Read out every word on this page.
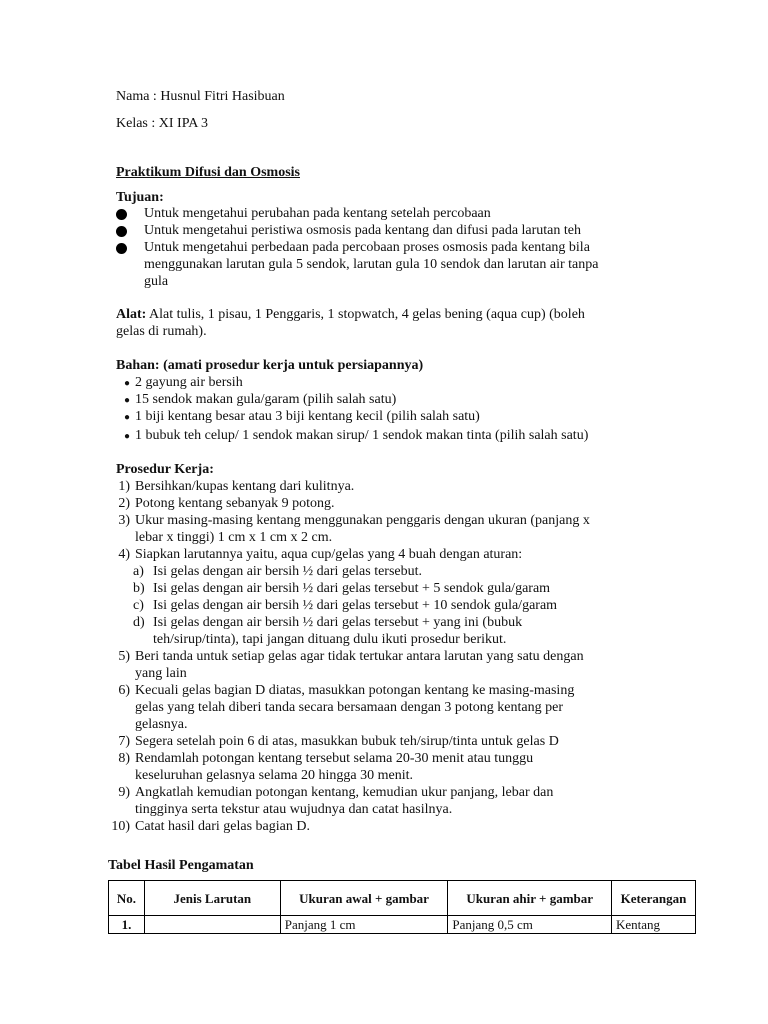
Nama : Husnul Fitri Hasibuan
Kelas : XI IPA 3
Praktikum Difusi dan Osmosis
Tujuan:
Untuk mengetahui perubahan pada kentang setelah percobaan
Untuk mengetahui peristiwa osmosis pada kentang dan difusi pada larutan teh
Untuk mengetahui perbedaan pada percobaan proses osmosis pada kentang bila
menggunakan larutan gula 5 sendok, larutan gula 10 sendok dan larutan air tanpa
gula
Alat: Alat tulis, 1 pisau, 1 Penggaris, 1 stopwatch, 4 gelas bening (aqua cup) (boleh
gelas di rumah).
Bahan: (amati prosedur kerja untuk persiapannya)
● 2 gayung air bersih
● 15 sendok makan gula/garam (pilih salah satu)
● 1 biji kentang besar atau 3 biji kentang kecil (pilih salah satu)
● 1 bubuk teh celup/ 1 sendok makan sirup/ 1 sendok makan tinta (pilih salah satu)
Prosedur Kerja:
1) Bersihkan/kupas kentang dari kulitnya.
2) Potong kentang sebanyak 9 potong.
3) Ukur masing-masing kentang menggunakan penggaris dengan ukuran (panjang x
lebar x tinggi) 1 cm x 1 cm x 2 cm.
4) Siapkan larutannya yaitu, aqua cup/gelas yang 4 buah dengan aturan:
a) Isi gelas dengan air bersih ½ dari gelas tersebut.
b) Isi gelas dengan air bersih ½ dari gelas tersebut + 5 sendok gula/garam
c) Isi gelas dengan air bersih ½ dari gelas tersebut + 10 sendok gula/garam
d) Isi gelas dengan air bersih ½ dari gelas tersebut + yang ini (bubuk
teh/sirup/tinta), tapi jangan dituang dulu ikuti prosedur berikut.
5) Beri tanda untuk setiap gelas agar tidak tertukar antara larutan yang satu dengan
yang lain
6) Kecuali gelas bagian D diatas, masukkan potongan kentang ke masing-masing
gelas yang telah diberi tanda secara bersamaan dengan 3 potong kentang per
gelasnya.
7) Segera setelah poin 6 di atas, masukkan bubuk teh/sirup/tinta untuk gelas D
8) Rendamlah potongan kentang tersebut selama 20-30 menit atau tunggu
keseluruhan gelasnya selama 20 hingga 30 menit.
9) Angkatlah kemudian potongan kentang, kemudian ukur panjang, lebar dan
tingginya serta tekstur atau wujudnya dan catat hasilnya.
10) Catat hasil dari gelas bagian D.
Tabel Hasil Pengamatan
No.	Jenis Larutan	Ukuran awal + gambar	Ukuran ahir + gambar	Keterangan
1.		Panjang 1 cm	Panjang 0,5 cm	Kentang
